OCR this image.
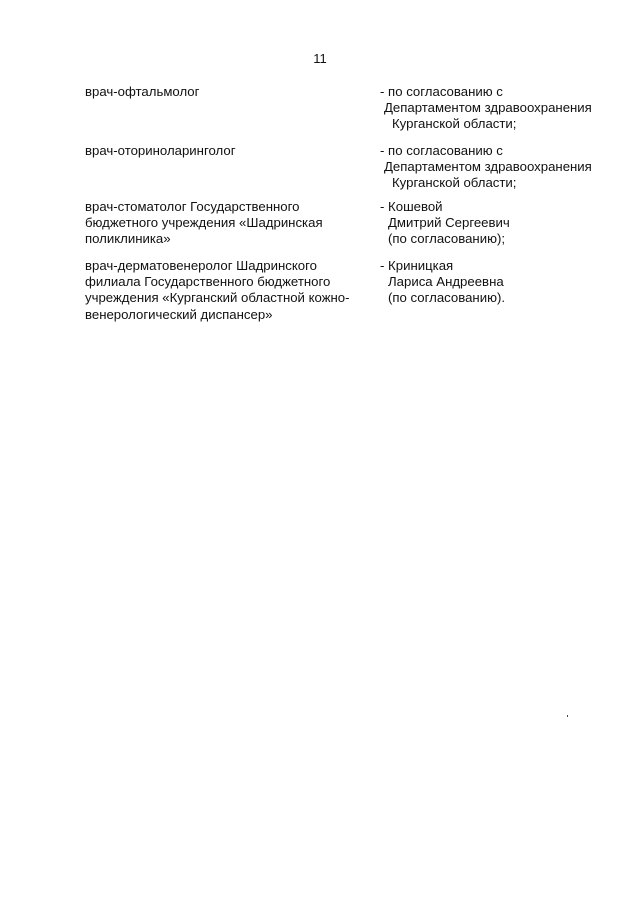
11
врач-офтальмолог	- по согласованию с
Департаментом здравоохранения
Курганской области;
врач-оториноларинголог	- по согласованию с
Департаментом здравоохранения
Курганской области;
врач-стоматолог Государственного
бюджетного учреждения «Шадринская
поликлиника»
- Кошевой
Дмитрий Сергеевич
(по согласованию);
врач-дерматовенеролог Шадринского
филиала Государственного бюджетного
учреждения «Курганский областной кожно-
венерологический диспансер»
- Криницкая
Лариса Андреевна
(по согласованию).
